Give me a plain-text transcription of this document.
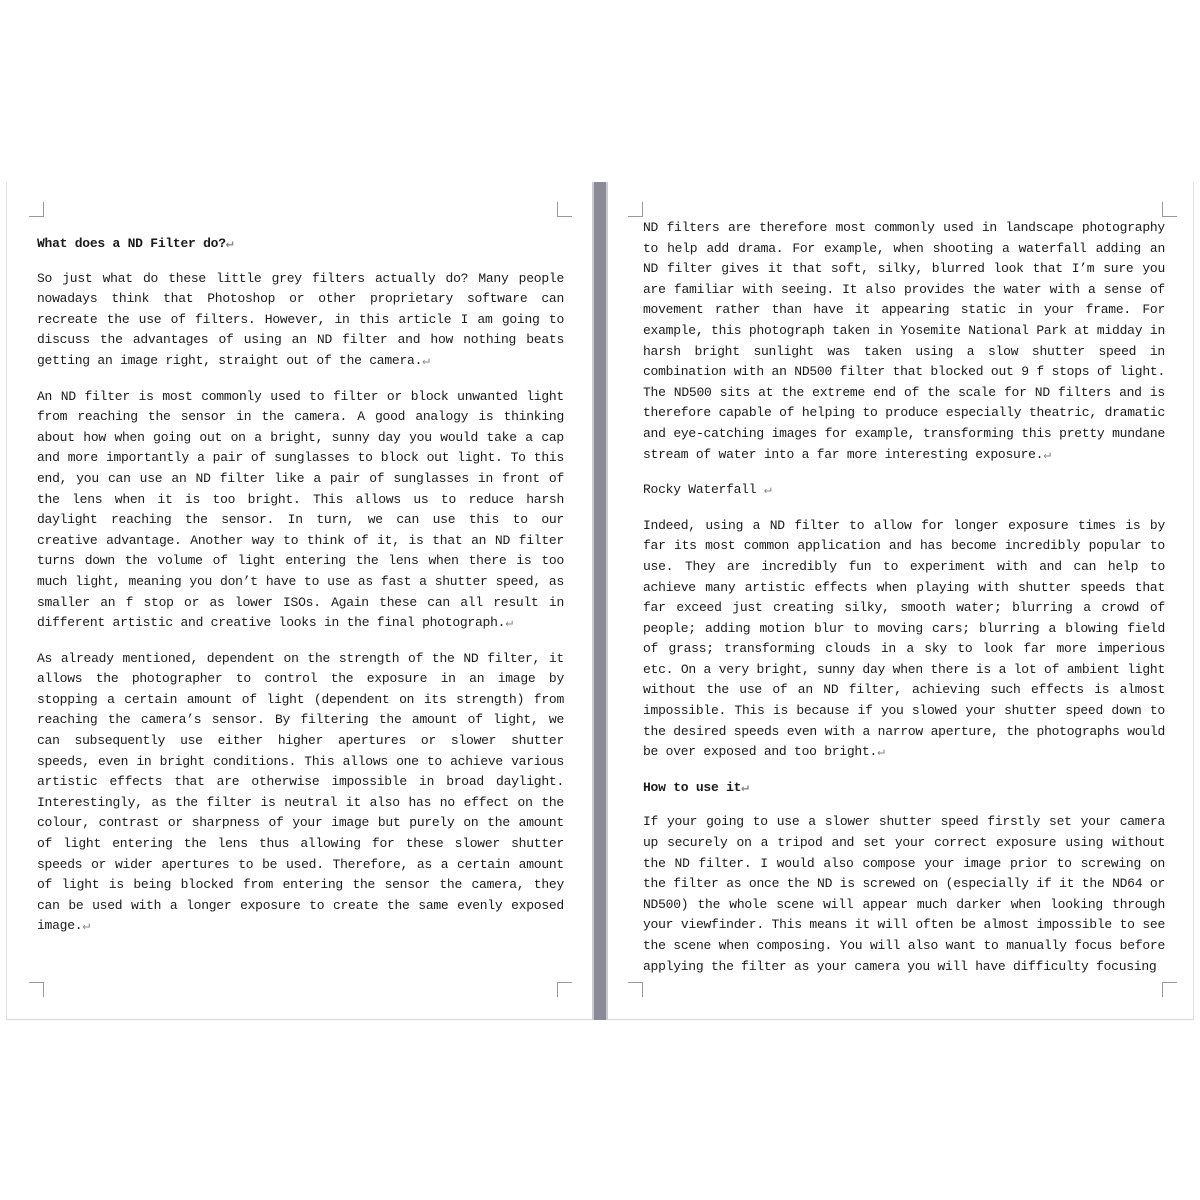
What does a ND Filter do?↵

So just what do these little grey filters actually do? Many people nowadays think that Photoshop or other proprietary software can recreate the use of filters. However, in this article I am going to discuss the advantages of using an ND filter and how nothing beats getting an image right, straight out of the camera.↵

An ND filter is most commonly used to filter or block unwanted light from reaching the sensor in the camera. A good analogy is thinking about how when going out on a bright, sunny day you would take a cap and more importantly a pair of sunglasses to block out light. To this end, you can use an ND filter like a pair of sunglasses in front of the lens when it is too bright. This allows us to reduce harsh daylight reaching the sensor. In turn, we can use this to our creative advantage. Another way to think of it, is that an ND filter turns down the volume of light entering the lens when there is too much light, meaning you don’t have to use as fast a shutter speed, as smaller an f stop or as lower ISOs. Again these can all result in different artistic and creative looks in the final photograph.↵

As already mentioned, dependent on the strength of the ND filter, it allows the photographer to control the exposure in an image by stopping a certain amount of light (dependent on its strength) from reaching the camera’s sensor. By filtering the amount of light, we can subsequently use either higher apertures or slower shutter speeds, even in bright conditions. This allows one to achieve various artistic effects that are otherwise impossible in broad daylight. Interestingly, as the filter is neutral it also has no effect on the colour, contrast or sharpness of your image but purely on the amount of light entering the lens thus allowing for these slower shutter speeds or wider apertures to be used. Therefore, as a certain amount of light is being blocked from entering the sensor the camera, they can be used with a longer exposure to create the same evenly exposed image.↵

ND filters are therefore most commonly used in landscape photography to help add drama. For example, when shooting a waterfall adding an ND filter gives it that soft, silky, blurred look that I’m sure you are familiar with seeing. It also provides the water with a sense of movement rather than have it appearing static in your frame. For example, this photograph taken in Yosemite National Park at midday in harsh bright sunlight was taken using a slow shutter speed in combination with an ND500 filter that blocked out 9 f stops of light. The ND500 sits at the extreme end of the scale for ND filters and is therefore capable of helping to produce especially theatric, dramatic and eye-catching images for example, transforming this pretty mundane stream of water into a far more interesting exposure.↵

Rocky Waterfall ↵

Indeed, using a ND filter to allow for longer exposure times is by far its most common application and has become incredibly popular to use. They are incredibly fun to experiment with and can help to achieve many artistic effects when playing with shutter speeds that far exceed just creating silky, smooth water; blurring a crowd of people; adding motion blur to moving cars; blurring a blowing field of grass; transforming clouds in a sky to look far more imperious etc. On a very bright, sunny day when there is a lot of ambient light without the use of an ND filter, achieving such effects is almost impossible. This is because if you slowed your shutter speed down to the desired speeds even with a narrow aperture, the photographs would be over exposed and too bright.↵

How to use it↵

If your going to use a slower shutter speed firstly set your camera up securely on a tripod and set your correct exposure using without the ND filter. I would also compose your image prior to screwing on the filter as once the ND is screwed on (especially if it the ND64 or ND500) the whole scene will appear much darker when looking through your viewfinder. This means it will often be almost impossible to see the scene when composing. You will also want to manually focus before applying the filter as your camera you will have difficulty focusing
